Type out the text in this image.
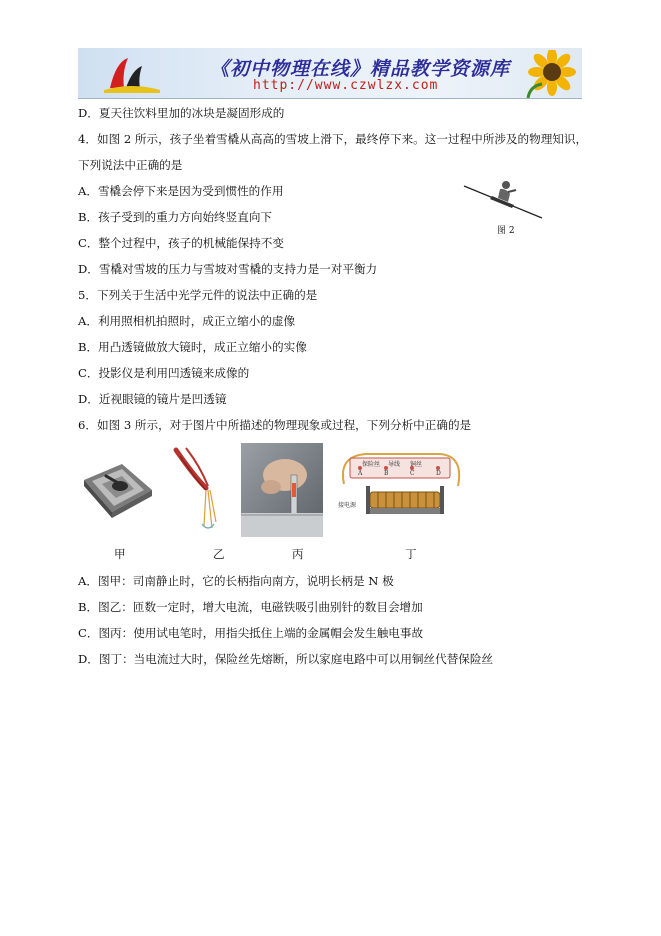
《初中物理在线》精品教学资源库
http://www.czwlzx.com
D．夏天往饮料里加的冰块是凝固形成的
4．如图 2 所示，孩子坐着雪橇从高高的雪坡上滑下，最终停下来。这一过程中所涉及的物理知识，
下列说法中正确的是
A．雪橇会停下来是因为受到惯性的作用
B．孩子受到的重力方向始终竖直向下
C．整个过程中，孩子的机械能保持不变
D．雪橇对雪坡的压力与雪坡对雪橇的支持力是一对平衡力
5．下列关于生活中光学元件的说法中正确的是
A．利用照相机拍照时，成正立缩小的虚像
B．用凸透镜做放大镜时，成正立缩小的实像
C．投影仪是利用凹透镜来成像的
D．近视眼镜的镜片是凹透镜
6．如图 3 所示，对于图片中所描述的物理现象或过程，下列分析中正确的是
A．图甲：司南静止时，它的长柄指向南方，说明长柄是 N 极
B．图乙：匝数一定时，增大电流，电磁铁吸引曲别针的数目会增加
C．图丙：使用试电笔时，用指尖抵住上端的金属帽会发生触电事故
D．图丁：当电流过大时，保险丝先熔断，所以家庭电路中可以用铜丝代替保险丝
图 2
甲	乙	丙
保险丝 导线 铜丝
A	B	C	D
接电源
丁
